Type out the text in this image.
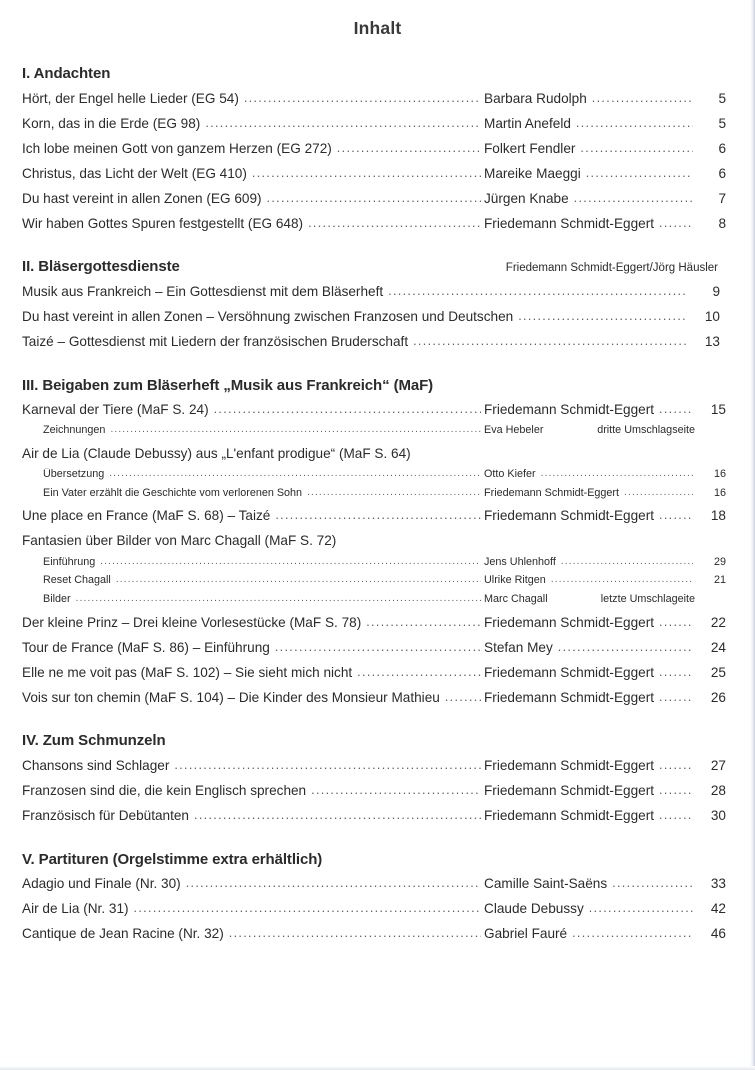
Inhalt
I. Andachten
Hört, der Engel helle Lieder (EG 54) .....	Barbara Rudolph .....	5
Korn, das in die Erde (EG 98) .....	Martin Anefeld .....	5
Ich lobe meinen Gott von ganzem Herzen (EG 272) .....	Folkert Fendler .....	6
Christus, das Licht der Welt (EG 410) .....	Mareike Maeggi .....	6
Du hast vereint in allen Zonen (EG 609) .....	Jürgen Knabe .....	7
Wir haben Gottes Spuren festgestellt (EG 648) .....	Friedemann Schmidt-Eggert .....	8
II. Bläsergottesdienste	Friedemann Schmidt-Eggert/Jörg Häusler
Musik aus Frankreich – Ein Gottesdienst mit dem Bläserheft .....	9
Du hast vereint in allen Zonen – Versöhnung zwischen Franzosen und Deutschen .....	10
Taizé – Gottesdienst mit Liedern der französischen Bruderschaft .....	13
III. Beigaben zum Bläserheft „Musik aus Frankreich“ (MaF)
Karneval der Tiere (MaF S. 24) .....	Friedemann Schmidt-Eggert .....	15
Zeichnungen .....	Eva Hebeler	dritte Umschlagseite
Air de Lia (Claude Debussy) aus „L'enfant prodigue“ (MaF S. 64)
Übersetzung .....	Otto Kiefer .....	16
Ein Vater erzählt die Geschichte vom verlorenen Sohn .....	Friedemann Schmidt-Eggert .....	16
Une place en France (MaF S. 68) – Taizé .....	Friedemann Schmidt-Eggert .....	18
Fantasien über Bilder von Marc Chagall (MaF S. 72)
Einführung .....	Jens Uhlenhoff .....	29
Reset Chagall .....	Ulrike Ritgen .....	21
Bilder .....	Marc Chagall	letzte Umschlageite
Der kleine Prinz – Drei kleine Vorlesestücke (MaF S. 78) .....	Friedemann Schmidt-Eggert .....	22
Tour de France (MaF S. 86) – Einführung .....	Stefan Mey .....	24
Elle ne me voit pas (MaF S. 102) – Sie sieht mich nicht .....	Friedemann Schmidt-Eggert .....	25
Vois sur ton chemin (MaF S. 104) – Die Kinder des Monsieur Mathieu .....	Friedemann Schmidt-Eggert .....	26
IV. Zum Schmunzeln
Chansons sind Schlager .....	Friedemann Schmidt-Eggert .....	27
Franzosen sind die, die kein Englisch sprechen .....	Friedemann Schmidt-Eggert .....	28
Französisch für Debütanten .....	Friedemann Schmidt-Eggert .....	30
V. Partituren (Orgelstimme extra erhältlich)
Adagio und Finale (Nr. 30) .....	Camille Saint-Saëns .....	33
Air de Lia (Nr. 31) .....	Claude Debussy .....	42
Cantique de Jean Racine (Nr. 32) .....	Gabriel Fauré .....	46
